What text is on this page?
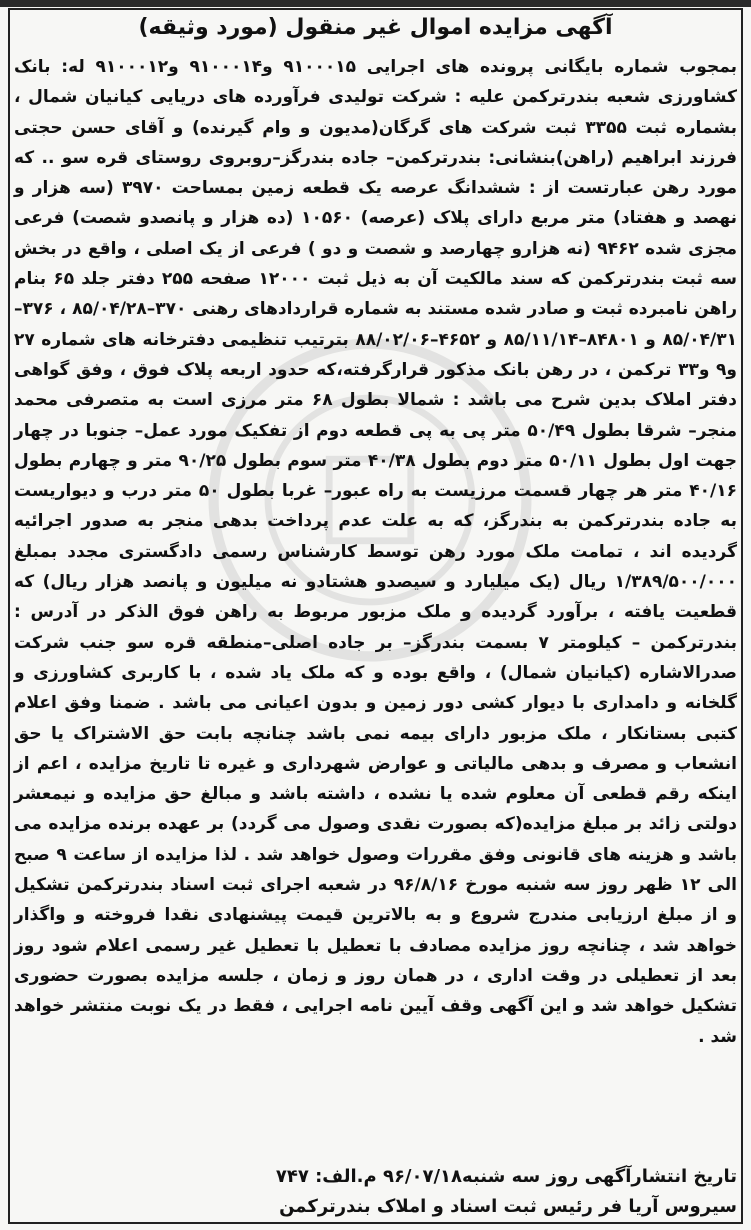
آگهی مزایده اموال غیر منقول (مورد وثیقه)

بمجوب شماره بایگانی پرونده های اجرایی ۹۱۰۰۰۱۵ و۹۱۰۰۰۱۴ و۹۱۰۰۰۱۲ له: بانک کشاورزی شعبه بندرترکمن علیه : شرکت تولیدی فرآورده های دریایی کیانیان شمال ، بشماره ثبت ۳۳۵۵ ثبت شرکت های گرگان(مدیون و وام گیرنده) و آقای حسن حجتی فرزند ابراهیم (راهن)بنشانی: بندرترکمن– جاده بندرگز–روبروی روستای قره سو .. که مورد رهن عبارتست از : ششدانگ عرصه یک قطعه زمین بمساحت ۳۹۷۰ (سه هزار و نهصد و هفتاد) متر مربع دارای پلاک (عرصه) ۱۰۵۶۰ (ده هزار و پانصدو شصت) فرعی مجزی شده ۹۴۶۲ (نه هزارو چهارصد و شصت و دو ) فرعی از یک اصلی ، واقع در بخش سه ثبت بندرترکمن که سند مالکیت آن به ذیل ثبت ۱۲۰۰۰ صفحه ۲۵۵ دفتر جلد ۶۵ بنام راهن نامبرده ثبت و صادر شده مستند به شماره قراردادهای رهنی ۳۷۰–۸۵/۰۴/۲۸ ، ۳۷۶–۸۵/۰۴/۳۱ و ۸۴۸۰۱–۸۵/۱۱/۱۴ و ۴۶۵۲–۸۸/۰۲/۰۶ بترتیب تنظیمی دفترخانه های شماره ۲۷ و۹ و۳۳ ترکمن ، در رهن بانک مذکور قرارگرفته،که حدود اربعه پلاک فوق ، وفق گواهی دفتر املاک بدین شرح می باشد : شمالا بطول ۶۸ متر مرزی است به متصرفی محمد منجر– شرقا بطول ۵۰/۴۹ متر پی به پی قطعه دوم از تفکیک مورد عمل– جنوبا در چهار جهت اول بطول ۵۰/۱۱ متر دوم بطول ۴۰/۳۸ متر سوم بطول ۹۰/۲۵ متر و چهارم بطول ۴۰/۱۶ متر هر چهار قسمت مرزیست به راه عبور– غربا بطول ۵۰ متر درب و دیواریست به جاده بندرترکمن به بندرگز، که به علت عدم پرداخت بدهی منجر به صدور اجرائیه گردیده اند ، تمامت ملک مورد رهن توسط کارشناس رسمی دادگستری مجدد بمبلغ ۱/۳۸۹/۵۰۰/۰۰۰ ریال (یک میلیارد و سیصدو هشتادو نه میلیون و پانصد هزار ریال) که قطعیت یافته ، برآورد گردیده و ملک مزبور مربوط به راهن فوق الذکر در آدرس : بندرترکمن – کیلومتر ۷ بسمت بندرگز– بر جاده اصلی–منطقه قره سو جنب شرکت صدرالاشاره (کیانیان شمال) ، واقع بوده و که ملک یاد شده ، با کاربری کشاورزی و گلخانه و دامداری با دیوار کشی دور زمین و بدون اعیانی می باشد . ضمنا وفق اعلام کتبی بستانکار ، ملک مزبور دارای بیمه نمی باشد چنانچه بابت حق الاشتراک یا حق انشعاب و مصرف و بدهی مالیاتی و عوارض شهرداری و غیره تا تاریخ مزایده ، اعم از اینکه رقم قطعی آن معلوم شده یا نشده ، داشته باشد و مبالغ حق مزایده و نیمعشر دولتی زائد بر مبلغ مزایده(که بصورت نقدی وصول می گردد) بر عهده برنده مزایده می باشد و هزینه های قانونی وفق مقررات وصول خواهد شد . لذا مزایده از ساعت ۹ صبح الی ۱۲ ظهر روز سه شنبه مورخ ۹۶/۸/۱۶ در شعبه اجرای ثبت اسناد بندرترکمن تشکیل و از مبلغ ارزیابی مندرج شروع و به بالاترین قیمت پیشنهادی نقدا فروخته و واگذار خواهد شد ، چنانچه روز مزایده مصادف با تعطیل با تعطیل غیر رسمی اعلام شود روز بعد از تعطیلی در وقت اداری ، در همان روز و زمان ، جلسه مزایده بصورت حضوری تشکیل خواهد شد و این آگهی وقف آیین نامه اجرایی ، فقط در یک نوبت منتشر خواهد شد .

تاریخ انتشارآگهی روز سه شنبه۹۶/۰۷/۱۸ م.الف: ۷۴۷
سیروس آریا فر رئیس ثبت اسناد و املاک بندرترکمن
